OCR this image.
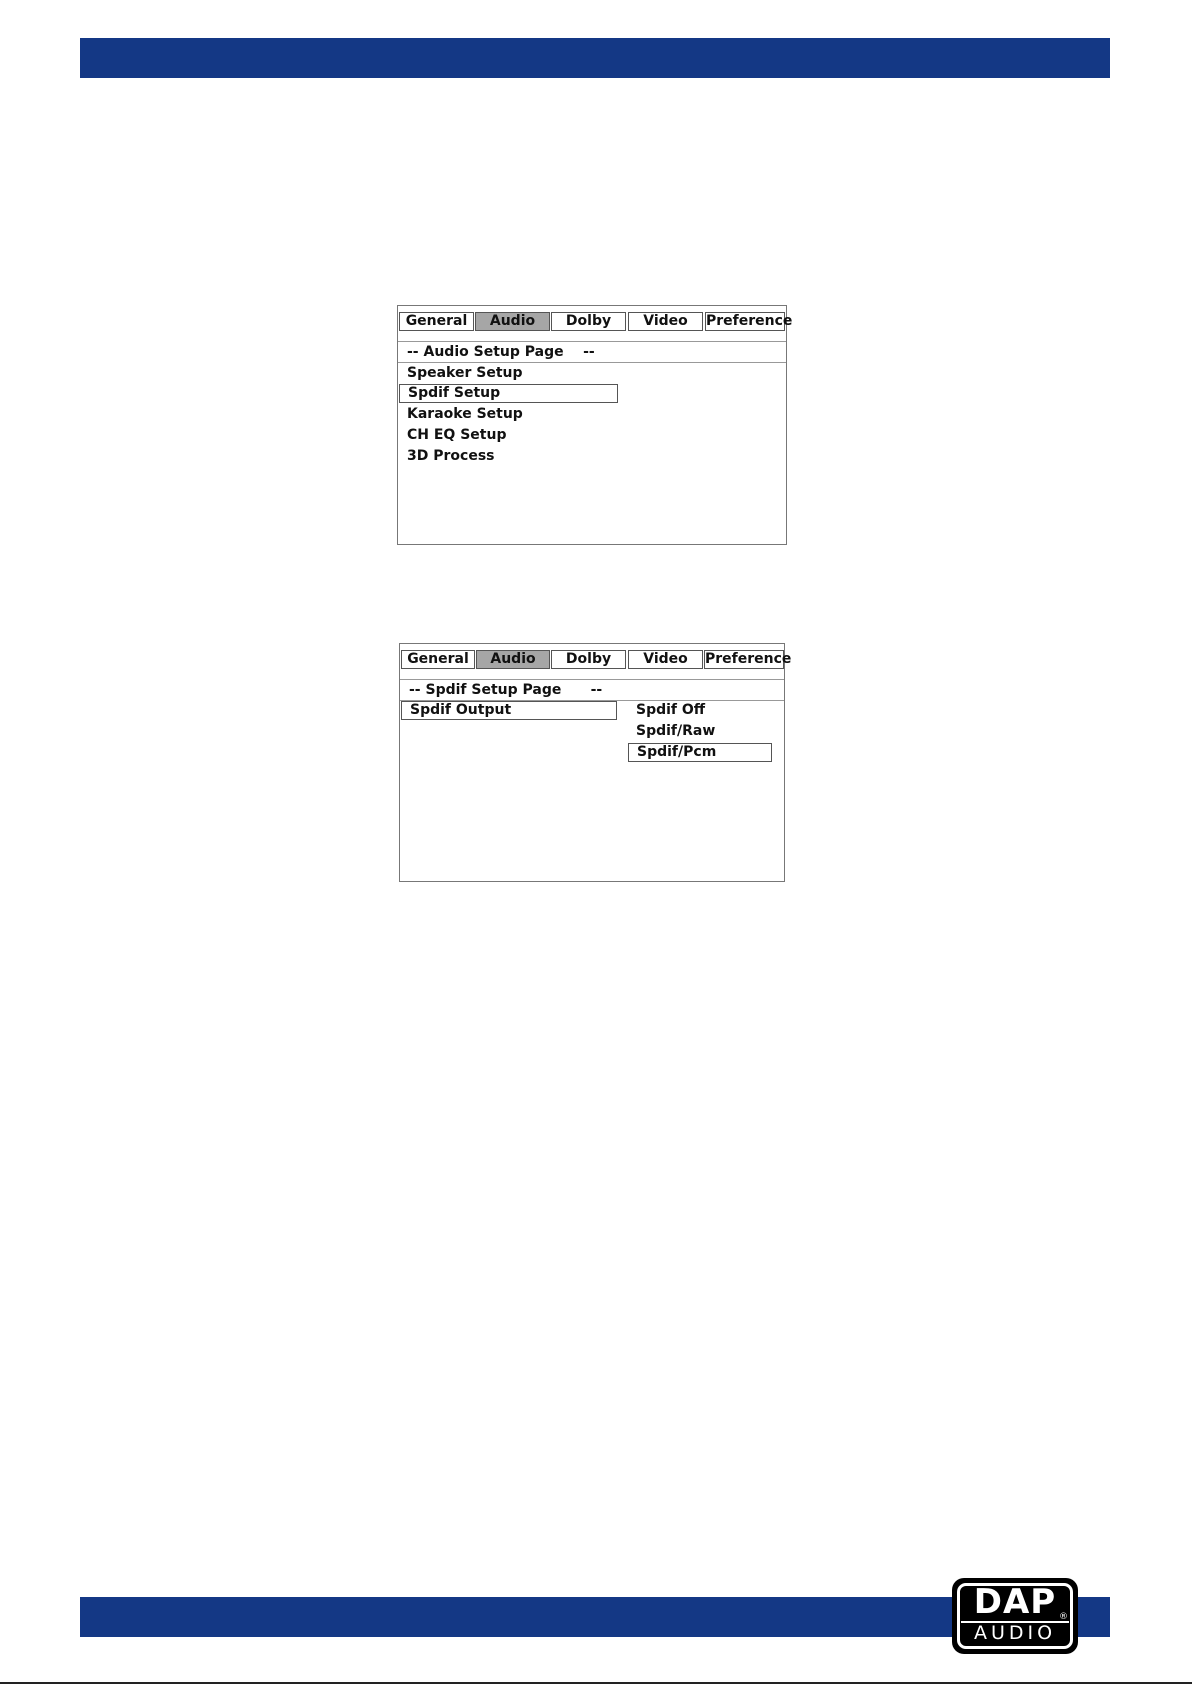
General	Audio	Dolby	Video	Preference
-- Audio Setup Page    --
Speaker Setup
Spdif Setup
Karaoke Setup
CH EQ Setup
3D Process
General	Audio	Dolby	Video	Preference
-- Spdif Setup Page      --
Spdif Output	Spdif Off
Spdif/Raw
Spdif/Pcm
DAP ®
AUDIO
